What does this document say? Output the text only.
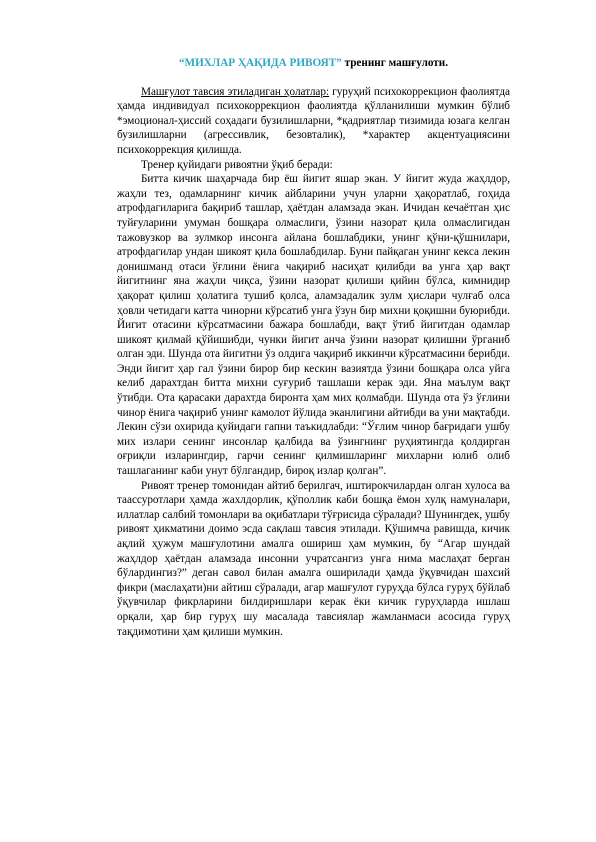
“МИХЛАР ҲАҚИДА РИВОЯТ” тренинг машғулоти.

Машғулот тавсия этиладиган ҳолатлар: гуруҳий психокоррекцион фаолиятда ҳамда индивидуал психокоррекцион фаолиятда қўлланилиши мумкин бўлиб *эмоционал-ҳиссий соҳадаги бузилишларни, *қадриятлар тизимида юзага келган бузилишларни (агрессивлик, безовталик), *характер акцентуациясини психокоррекция қилишда.

Тренер қуйидаги ривоятни ўқиб беради:

Битта кичик шаҳарчада бир ёш йигит яшар экан. У йигит жуда жаҳлдор, жаҳли тез, одамларнинг кичик айбларини учун уларни ҳақоратлаб, гоҳида атрофдагиларига бақириб ташлар, ҳаётдан аламзада экан. Ичидан кечаётган ҳис туйғуларини умуман бошқара олмаслиги, ўзини назорат қила олмаслигидан тажовузкор ва зулмкор инсонга айлана бошлабдики, унинг қўни-қўшнилари, атрофдагилар ундан шикоят қила бошлабдилар. Буни пайқаган унинг кекса лекин донишманд отаси ўғлини ёнига чақириб насиҳат қилибди ва унга ҳар вақт йигитнинг яна жаҳли чиқса, ўзини назорат қилиши қийин бўлса, кимнидир ҳақорат қилиш ҳолатига тушиб қолса, аламзадалик зулм ҳислари чулғаб олса ҳовли четидаги катта чинорни кўрсатиб унга ўзун бир михни қоқишни буюрибди. Йигит отасини кўрсатмасини бажара бошлабди, вақт ўтиб йигитдан одамлар шикоят қилмай қўйишибди, чунки йигит анча ўзини назорат қилишни ўрганиб олган эди. Шунда ота йигитни ўз олдига чақириб иккинчи кўрсатмасини берибди. Энди йигит ҳар гал ўзини бирор бир кескин вазиятда ўзини бошқара олса уйга келиб дарахтдан битта михни суғуриб ташлаши керак эди. Яна маълум вақт ўтибди. Ота қарасаки дарахтда биронта ҳам мих қолмабди. Шунда ота ўз ўғлини чинор ёнига чақириб унинг камолот йўлида эканлигини айтибди ва уни мақтабди. Лекин сўзи охирида қуйидаги гапни таъкидлабди: “Ўғлим чинор бағридаги ушбу мих излари сенинг инсонлар қалбида ва ўзингнинг руҳиятингда қолдирган оғриқли изларингдир, гарчи сенинг қилмишларинг михларни юлиб олиб ташлаганинг каби унут бўлгандир, бироқ излар қолган”.

Ривоят тренер томонидан айтиб берилгач, иштирокчилардан олган хулоса ва таассуротлари ҳамда жахлдорлик, қўполлик каби бошқа ёмон хулқ намуналари, иллатлар салбий томонлари ва оқибатлари тўғрисида сўралади? Шунингдек, ушбу ривоят ҳикматини доимо эсда сақлаш тавсия этилади. Қўшимча равишда, кичик ақлий ҳужум машғулотини амалга ошириш ҳам мумкин, бу “Агар шундай жаҳлдор ҳаётдан аламзада инсонни учратсангиз унга нима маслаҳат берган бўлардингиз?” деган савол билан амалга оширилади ҳамда ўқувчидан шахсий фикри (маслаҳати)ни айтиш сўралади, агар машғулот гуруҳда бўлса гуруҳ бўйлаб ўқувчилар фикрларини билдиришлари керак ёки кичик гуруҳларда ишлаш орқали, ҳар бир гуруҳ шу масалада тавсиялар жамланмаси асосида гуруҳ тақдимотини ҳам қилиши мумкин.
